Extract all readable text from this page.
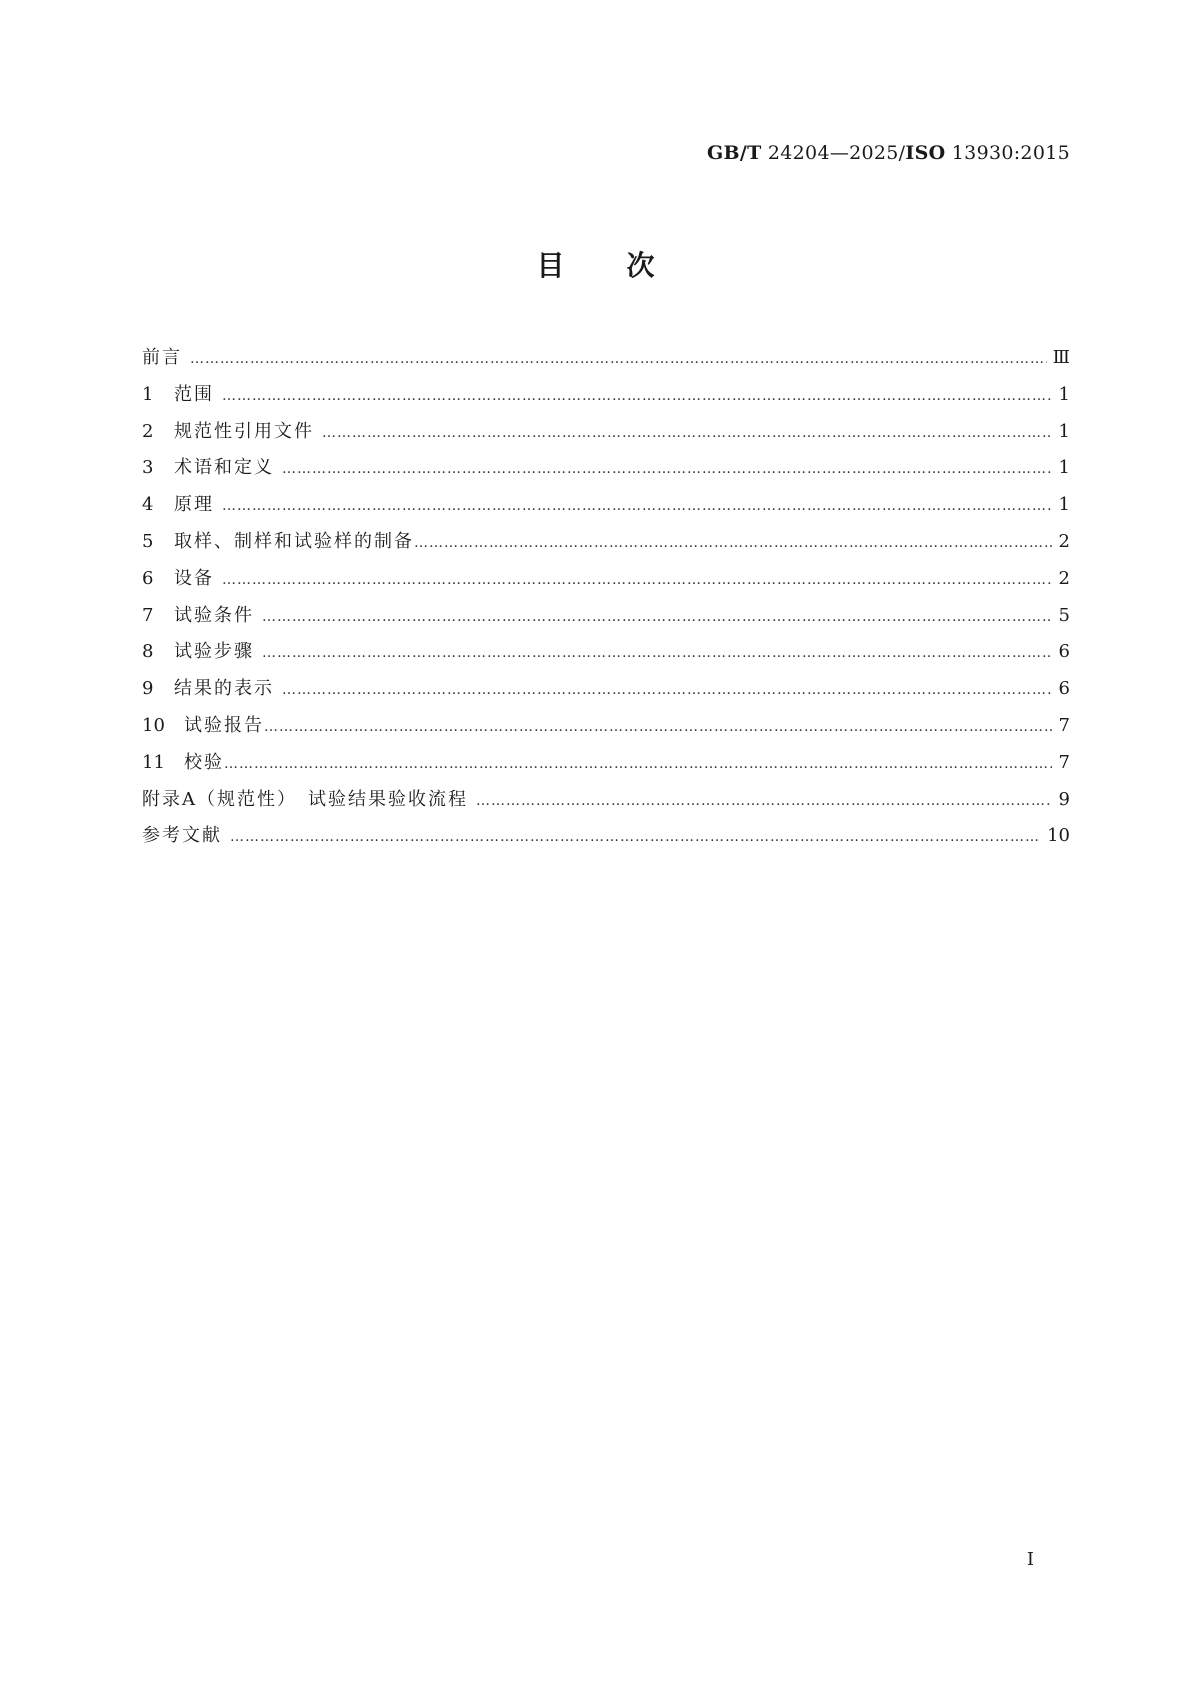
GB/T 24204—2025/ISO 13930:2015
目 次
前言 ……………………………………………………………………………………………………………………………………………………………………………………………………………………………………………………	Ⅲ
1	范围 ……………………………………………………………………………………………………………………………………………………………………………………………………………………………………………………	1
2	规范性引用文件 ……………………………………………………………………………………………………………………………………………………………………………………………………………………………………………………	1
3	术语和定义 ……………………………………………………………………………………………………………………………………………………………………………………………………………………………………………………	1
4	原理 ……………………………………………………………………………………………………………………………………………………………………………………………………………………………………………………	1
5	取样、制样和试验样的制备 ……………………………………………………………………………………………………………………………………………………………………………………………………………………………………………………	2
6	设备 ……………………………………………………………………………………………………………………………………………………………………………………………………………………………………………………	2
7	试验条件 ……………………………………………………………………………………………………………………………………………………………………………………………………………………………………………………	5
8	试验步骤 ……………………………………………………………………………………………………………………………………………………………………………………………………………………………………………………	6
9	结果的表示 ……………………………………………………………………………………………………………………………………………………………………………………………………………………………………………………	6
10	试验报告 ……………………………………………………………………………………………………………………………………………………………………………………………………………………………………………………	7
11	校验 ……………………………………………………………………………………………………………………………………………………………………………………………………………………………………………………	7
附录A（规范性）　试验结果验收流程 ……………………………………………………………………………………………………………………………………………………………………………………………………………………………………………………	9
参考文献 ……………………………………………………………………………………………………………………………………………………………………………………………………………………………………………………	10
I
